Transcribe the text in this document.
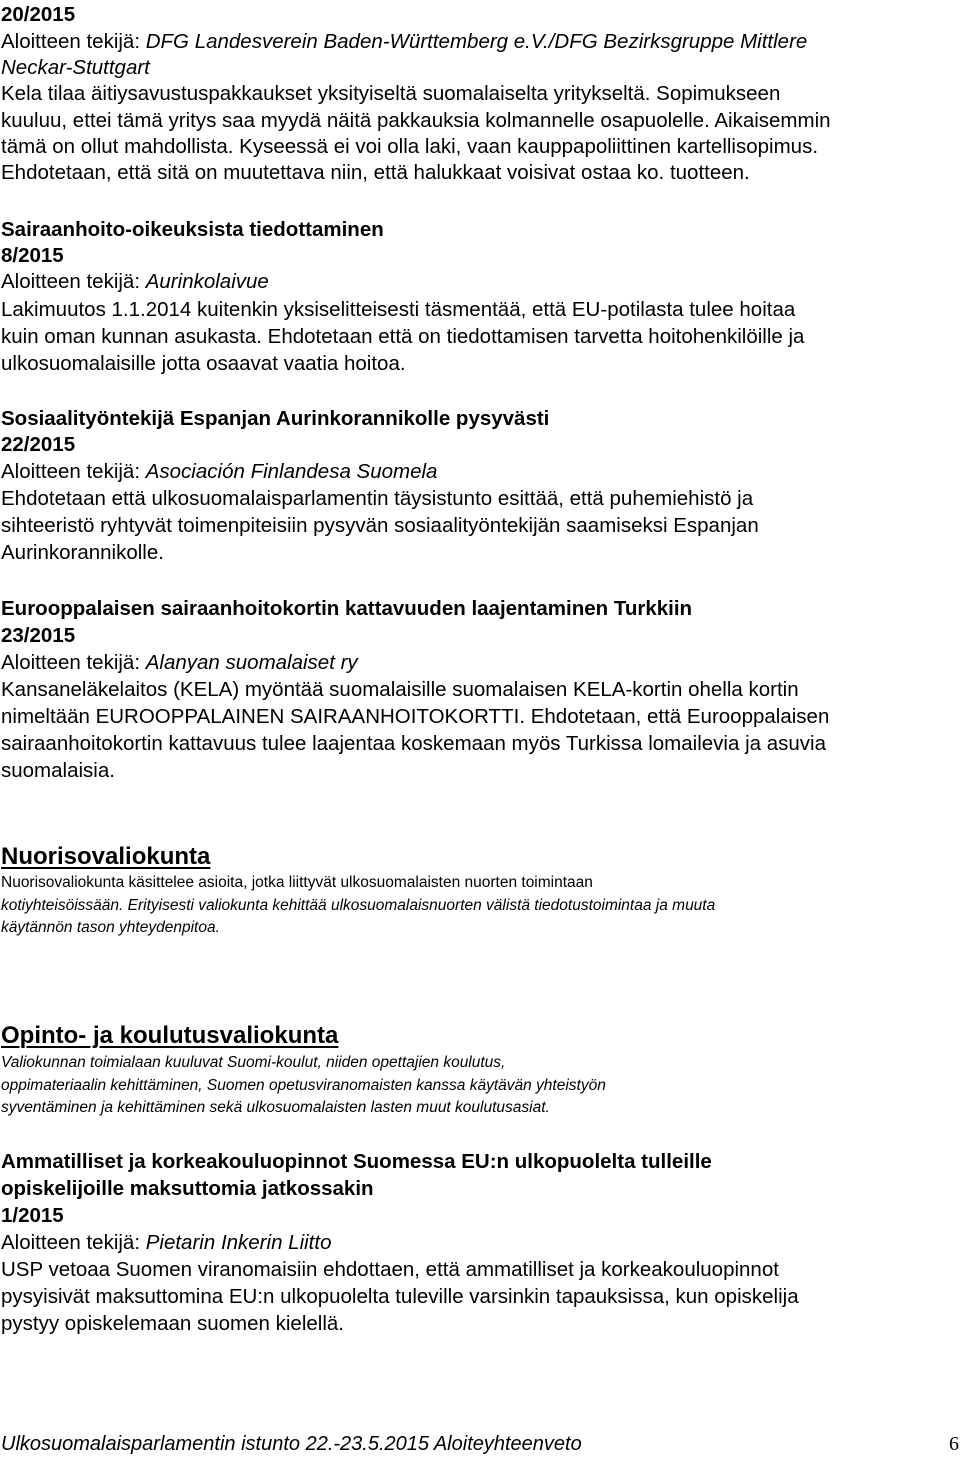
20/2015
Aloitteen tekijä: DFG Landesverein Baden-Württemberg e.V./DFG Bezirksgruppe Mittlere
Neckar-Stuttgart
Kela tilaa äitiysavustuspakkaukset yksityiseltä suomalaiselta yritykseltä. Sopimukseen
kuuluu, ettei tämä yritys saa myydä näitä pakkauksia kolmannelle osapuolelle. Aikaisemmin
tämä on ollut mahdollista. Kyseessä ei voi olla laki, vaan kauppapoliittinen kartellisopimus.
Ehdotetaan, että sitä on muutettava niin, että halukkaat voisivat ostaa ko. tuotteen.
Sairaanhoito-oikeuksista tiedottaminen
8/2015
Aloitteen tekijä: Aurinkolaivue
Lakimuutos 1.1.2014 kuitenkin yksiselitteisesti täsmentää, että EU-potilasta tulee hoitaa
kuin oman kunnan asukasta. Ehdotetaan että on tiedottamisen tarvetta hoitohenkilöille ja
ulkosuomalaisille jotta osaavat vaatia hoitoa.
Sosiaalityöntekijä Espanjan Aurinkorannikolle pysyvästi
22/2015
Aloitteen tekijä: Asociación Finlandesa Suomela
Ehdotetaan että ulkosuomalaisparlamentin täysistunto esittää, että puhemiehistö ja
sihteeristö ryhtyvät toimenpiteisiin pysyvän sosiaalityöntekijän saamiseksi Espanjan
Aurinkorannikolle.
Eurooppalaisen sairaanhoitokortin kattavuuden laajentaminen Turkkiin
23/2015
Aloitteen tekijä: Alanyan suomalaiset ry
Kansaneläkelaitos (KELA) myöntää suomalaisille suomalaisen KELA-kortin ohella kortin
nimeltään EUROOPPALAINEN SAIRAANHOITOKORTTI. Ehdotetaan, että Eurooppalaisen
sairaanhoitokortin kattavuus tulee laajentaa koskemaan myös Turkissa lomailevia ja asuvia
suomalaisia.
Nuorisovaliokunta
Nuorisovaliokunta käsittelee asioita, jotka liittyvät ulkosuomalaisten nuorten toimintaan
kotiyhteisöissään. Erityisesti valiokunta kehittää ulkosuomalaisnuorten välistä tiedotustoimintaa ja muuta
käytännön tason yhteydenpitoa.
Opinto- ja koulutusvaliokunta
Valiokunnan toimialaan kuuluvat Suomi-koulut, niiden opettajien koulutus,
oppimateriaalin kehittäminen, Suomen opetusviranomaisten kanssa käytävän yhteistyön
syventäminen ja kehittäminen sekä ulkosuomalaisten lasten muut koulutusasiat.
Ammatilliset ja korkeakouluopinnot Suomessa EU:n ulkopuolelta tulleille
opiskelijoille maksuttomia jatkossakin
1/2015
Aloitteen tekijä: Pietarin Inkerin Liitto
USP vetoaa Suomen viranomaisiin ehdottaen, että ammatilliset ja korkeakouluopinnot
pysyisivät maksuttomina EU:n ulkopuolelta tuleville varsinkin tapauksissa, kun opiskelija
pystyy opiskelemaan suomen kielellä.
Ulkosuomalaisparlamentin istunto 22.-23.5.2015 Aloiteyhteenveto	6
